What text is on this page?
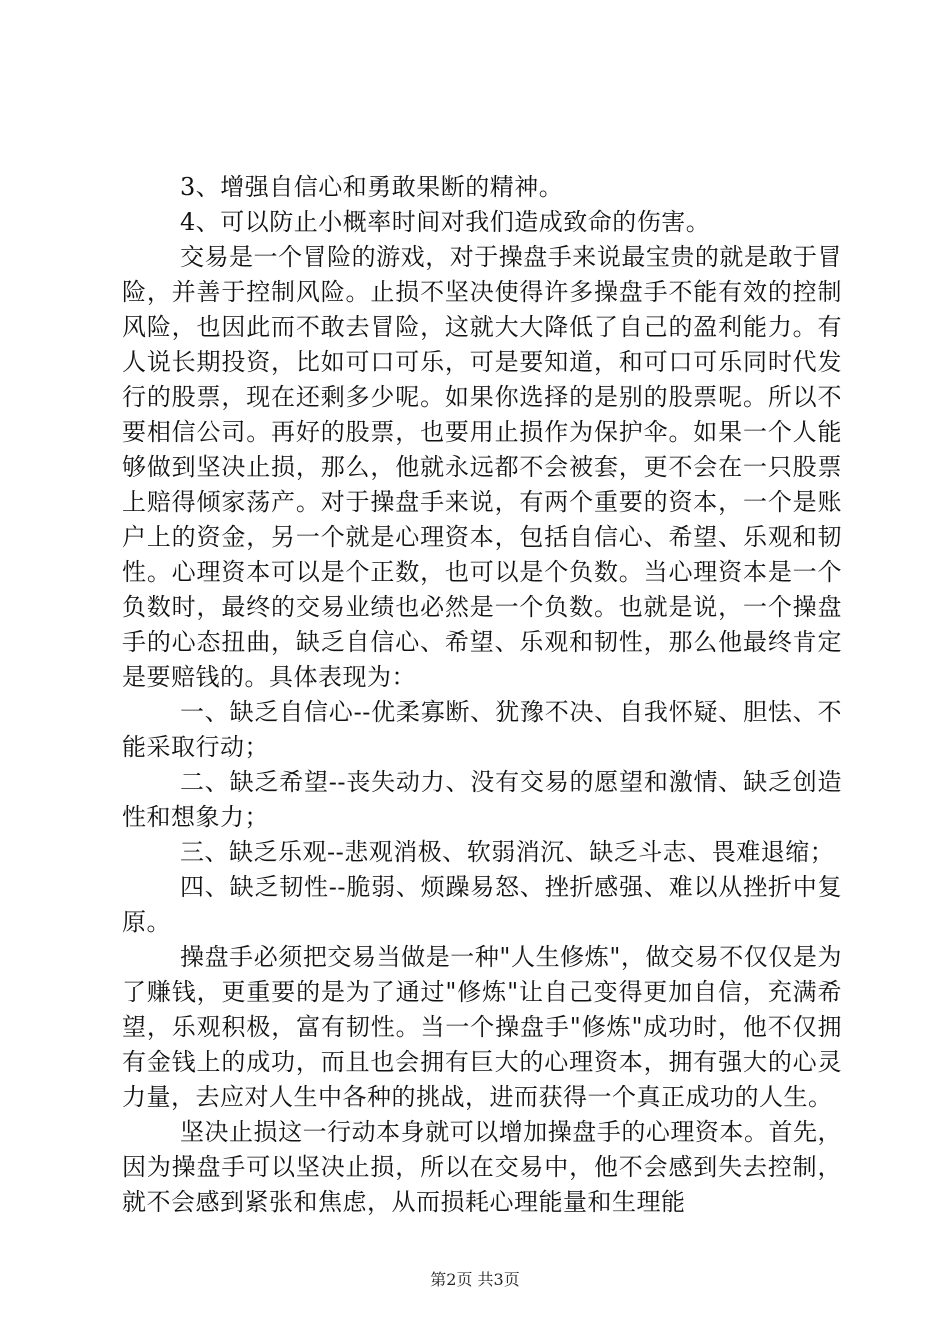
3、增强自信心和勇敢果断的精神。

4、可以防止小概率时间对我们造成致命的伤害。

交易是一个冒险的游戏，对于操盘手来说最宝贵的就是敢于冒险，并善于控制风险。止损不坚决使得许多操盘手不能有效的控制风险，也因此而不敢去冒险，这就大大降低了自己的盈利能力。有人说长期投资，比如可口可乐，可是要知道，和可口可乐同时代发行的股票，现在还剩多少呢。如果你选择的是别的股票呢。所以不要相信公司。再好的股票，也要用止损作为保护伞。如果一个人能够做到坚决止损，那么，他就永远都不会被套，更不会在一只股票上赔得倾家荡产。对于操盘手来说，有两个重要的资本，一个是账户上的资金，另一个就是心理资本，包括自信心、希望、乐观和韧性。心理资本可以是个正数，也可以是个负数。当心理资本是一个负数时，最终的交易业绩也必然是一个负数。也就是说，一个操盘手的心态扭曲，缺乏自信心、希望、乐观和韧性，那么他最终肯定是要赔钱的。具体表现为：

一、缺乏自信心--优柔寡断、犹豫不决、自我怀疑、胆怯、不能采取行动；

二、缺乏希望--丧失动力、没有交易的愿望和激情、缺乏创造性和想象力；

三、缺乏乐观--悲观消极、软弱消沉、缺乏斗志、畏难退缩；

四、缺乏韧性--脆弱、烦躁易怒、挫折感强、难以从挫折中复原。

操盘手必须把交易当做是一种"人生修炼"，做交易不仅仅是为了赚钱，更重要的是为了通过"修炼"让自己变得更加自信，充满希望，乐观积极，富有韧性。当一个操盘手"修炼"成功时，他不仅拥有金钱上的成功，而且也会拥有巨大的心理资本，拥有强大的心灵力量，去应对人生中各种的挑战，进而获得一个真正成功的人生。

坚决止损这一行动本身就可以增加操盘手的心理资本。首先，因为操盘手可以坚决止损，所以在交易中，他不会感到失去控制，就不会感到紧张和焦虑，从而损耗心理能量和生理能

第2页 共3页
